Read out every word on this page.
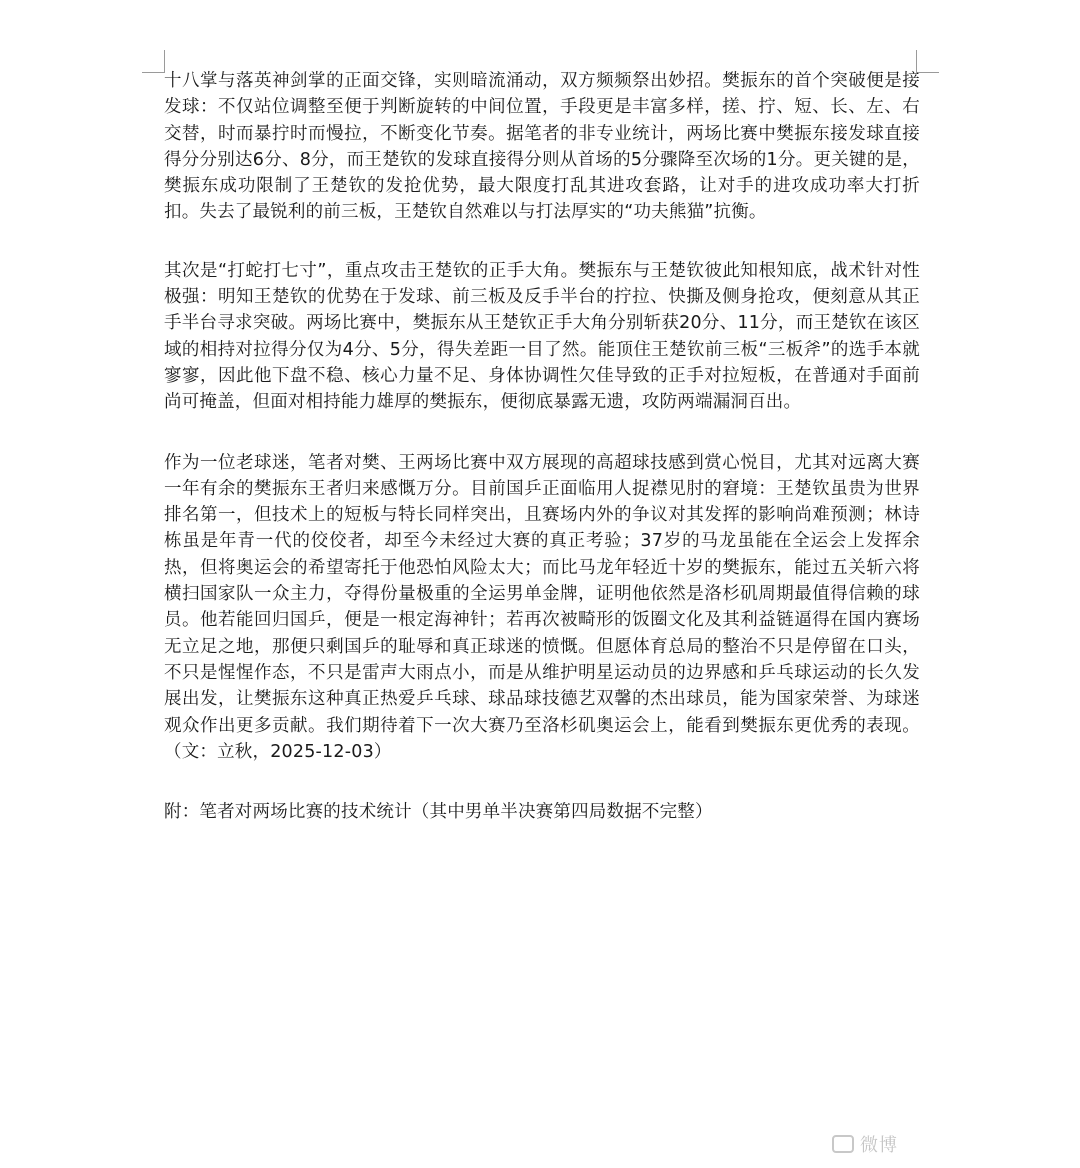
十八掌与落英神剑掌的正面交锋，实则暗流涌动，双方频频祭出妙招。樊振东的首个突破便是接发球：不仅站位调整至便于判断旋转的中间位置，手段更是丰富多样，搓、拧、短、长、左、右交替，时而暴拧时而慢拉，不断变化节奏。据笔者的非专业统计，两场比赛中樊振东接发球直接得分分别达6分、8分，而王楚钦的发球直接得分则从首场的5分骤降至次场的1分。更关键的是，樊振东成功限制了王楚钦的发抢优势，最大限度打乱其进攻套路，让对手的进攻成功率大打折扣。失去了最锐利的前三板，王楚钦自然难以与打法厚实的“功夫熊猫”抗衡。

其次是“打蛇打七寸”，重点攻击王楚钦的正手大角。樊振东与王楚钦彼此知根知底，战术针对性极强：明知王楚钦的优势在于发球、前三板及反手半台的拧拉、快撕及侧身抢攻，便刻意从其正手半台寻求突破。两场比赛中，樊振东从王楚钦正手大角分别斩获20分、11分，而王楚钦在该区域的相持对拉得分仅为4分、5分，得失差距一目了然。能顶住王楚钦前三板“三板斧”的选手本就寥寥，因此他下盘不稳、核心力量不足、身体协调性欠佳导致的正手对拉短板，在普通对手面前尚可掩盖，但面对相持能力雄厚的樊振东，便彻底暴露无遗，攻防两端漏洞百出。

作为一位老球迷，笔者对樊、王两场比赛中双方展现的高超球技感到赏心悦目，尤其对远离大赛一年有余的樊振东王者归来感慨万分。目前国乒正面临用人捉襟见肘的窘境：王楚钦虽贵为世界排名第一，但技术上的短板与特长同样突出，且赛场内外的争议对其发挥的影响尚难预测；林诗栋虽是年青一代的佼佼者，却至今未经过大赛的真正考验；37岁的马龙虽能在全运会上发挥余热，但将奥运会的希望寄托于他恐怕风险太大；而比马龙年轻近十岁的樊振东，能过五关斩六将横扫国家队一众主力，夺得份量极重的全运男单金牌，证明他依然是洛杉矶周期最值得信赖的球员。他若能回归国乒，便是一根定海神针；若再次被畸形的饭圈文化及其利益链逼得在国内赛场无立足之地，那便只剩国乒的耻辱和真正球迷的愤慨。但愿体育总局的整治不只是停留在口头，不只是惺惺作态，不只是雷声大雨点小，而是从维护明星运动员的边界感和乒乓球运动的长久发展出发，让樊振东这种真正热爱乒乓球、球品球技德艺双馨的杰出球员，能为国家荣誉、为球迷观众作出更多贡献。我们期待着下一次大赛乃至洛杉矶奥运会上，能看到樊振东更优秀的表现。（文：立秋，2025-12-03）

附：笔者对两场比赛的技术统计（其中男单半决赛第四局数据不完整）

微博
